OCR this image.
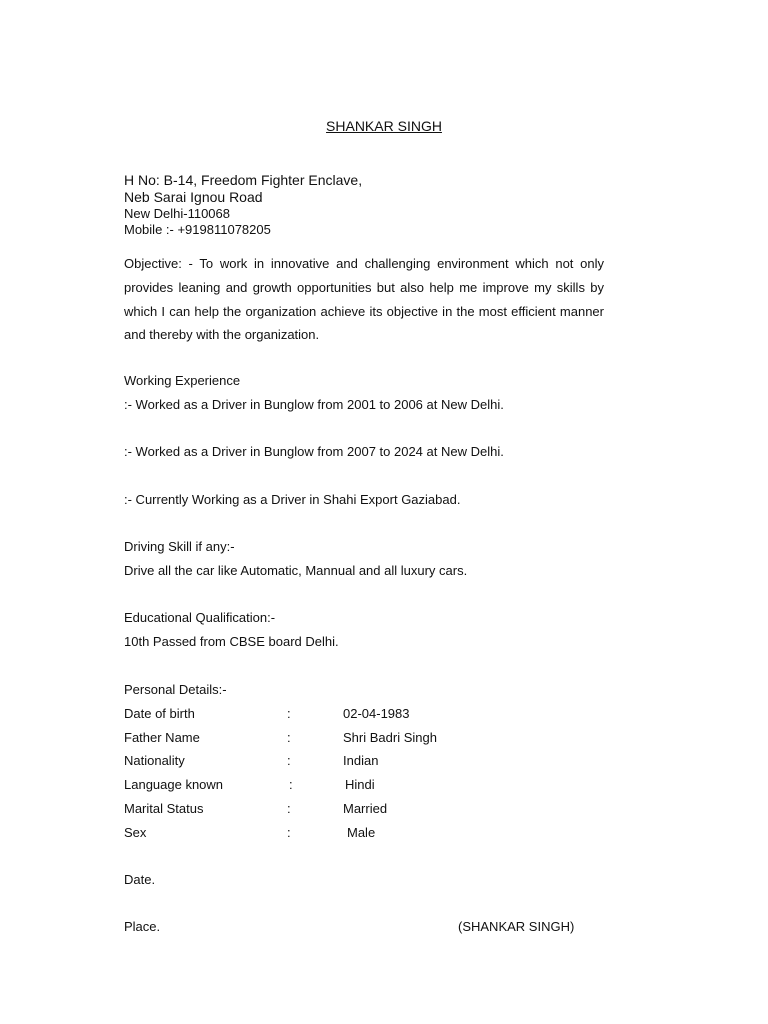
SHANKAR SINGH
H No: B-14, Freedom Fighter Enclave,
Neb Sarai Ignou Road
New Delhi-110068
Mobile :- +919811078205
Objective: - To work in innovative and challenging environment which not only provides leaning and growth opportunities but also help me improve my skills by which I can help the organization achieve its objective in the most efficient manner and thereby with the organization.
Working Experience
:- Worked as a Driver in Bunglow from 2001 to 2006 at New Delhi.
:- Worked as a Driver in Bunglow from 2007 to 2024 at New Delhi.
:- Currently Working as a Driver in Shahi Export Gaziabad.
Driving Skill if any:-
Drive all the car like Automatic, Mannual and all luxury cars.
Educational Qualification:-
10th Passed from CBSE board Delhi.
Personal Details:-
Date of birth	:	02-04-1983
Father Name	:	Shri Badri Singh
Nationality	:	Indian
Language known	:	Hindi
Marital Status	:	Married
Sex	:	Male
Date.
Place.	(SHANKAR SINGH)
